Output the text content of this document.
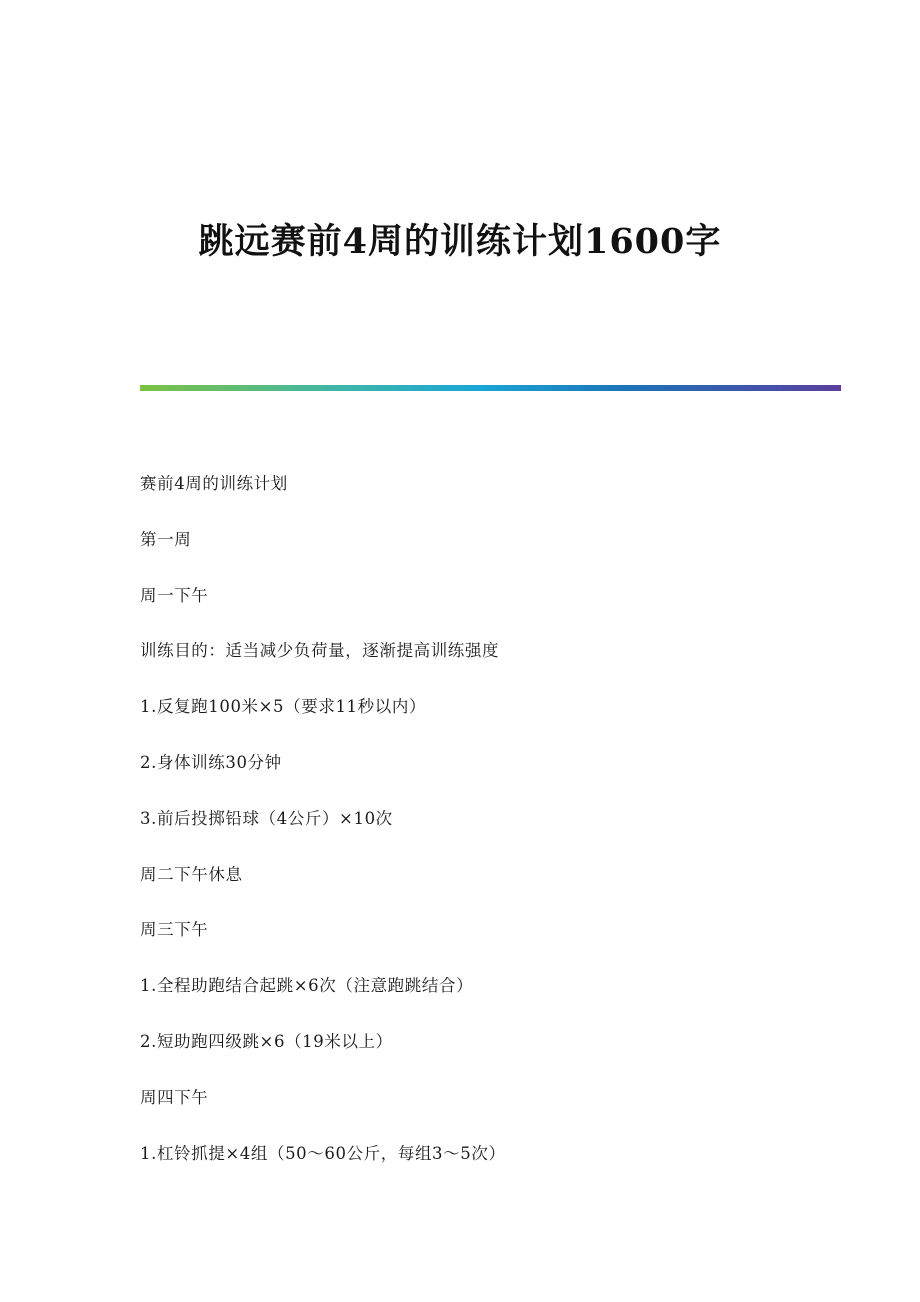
跳远赛前4周的训练计划1600字
赛前4周的训练计划
第一周
周一下午
训练目的：适当减少负荷量，逐渐提高训练强度
1.反复跑100米×5（要求11秒以内）
2.身体训练30分钟
3.前后投掷铅球（4公斤）×10次
周二下午休息
周三下午
1.全程助跑结合起跳×6次（注意跑跳结合）
2.短助跑四级跳×6（19米以上）
周四下午
1.杠铃抓提×4组（50～60公斤，每组3～5次）
